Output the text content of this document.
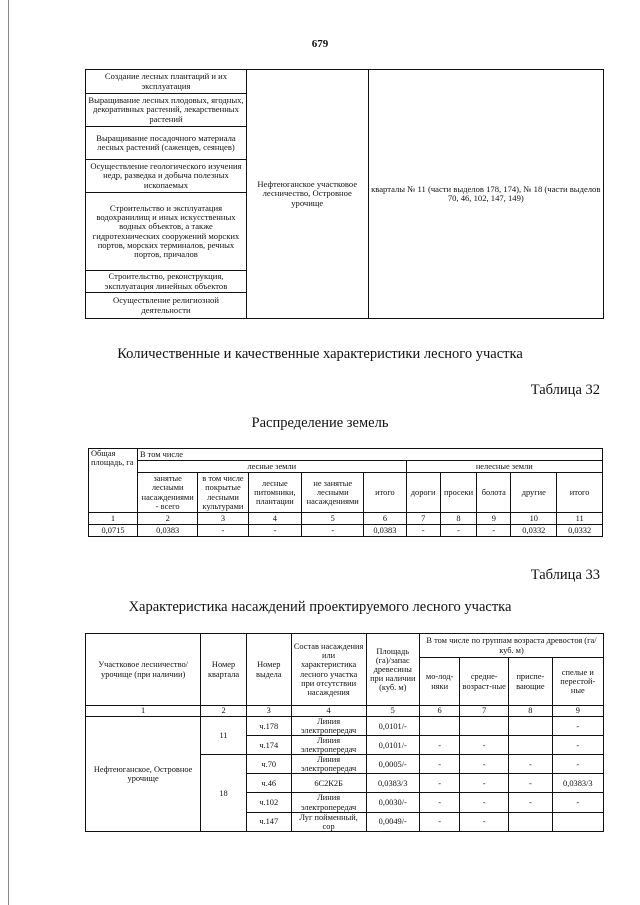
679
Создание лесных плантаций и их эксплуатация	Нефтеюганское участковое лесничество, Островное урочище	кварталы № 11 (части выделов 178, 174), № 18 (части выделов 70, 46, 102, 147, 149)
Выращивание лесных плодовых, ягодных, декоративных растений, лекарственных растений
Выращивание посадочного материала лесных растений (саженцев, сеянцев)
Осуществление геологического изучения недр, разведка и добыча полезных ископаемых
Строительство и эксплуатация водохранилищ и иных искусственных водных объектов, а также гидротехнических сооружений морских портов, морских терминалов, речных портов, причалов
Строительство, реконструкция, эксплуатация линейных объектов
Осуществление религиозной деятельности
Количественные и качественные характеристики лесного участка
Таблица 32
Распределение земель
Общая площадь, га	В том числе									
	лесные земли					нелесные земли				
	занятые лесными насаждениями - всего	в том числе покрытые лесными культурами	лесные питомники, плантации	не занятые лесными насаждениями	итого	дороги	просеки	болота	другие	итого
1	2	3	4	5	6	7	8	9	10	11
0,0715	0,0383	-	-	-	0,0383	-	-	-	0,0332	0,0332
Таблица 33
Характеристика насаждений проектируемого лесного участка
Участковое лесничество/ урочище (при наличии)	Номер квартала	Номер выдела	Состав насаждения или характеристика лесного участка при отсутствии насаждения	Площадь (га)/запас древесины при наличии (куб. м)	В том числе по группам возраста древостоя (га/куб. м)			
					мо-лод-няки	средне-возраст-ные	приспе-вающие	спелые и перестой-ные
1	2	3	4	5	6	7	8	9
Нефтеюганское, Островное урочище	11	ч.178	Линия электропередач	0,0101/-				-
		ч.174	Линия электропередач	0,0101/-	-	-		-
	18	ч.70	Линия электропередач	0,0005/-	-	-	-	-
		ч.46	6С2К2Б	0,0383/3	-	-	-	0,0383/3
		ч.102	Линия электропередач	0,0030/-	-	-	-	-
		ч.147	Луг пойменный, сор	0,0049/-	-	-		
